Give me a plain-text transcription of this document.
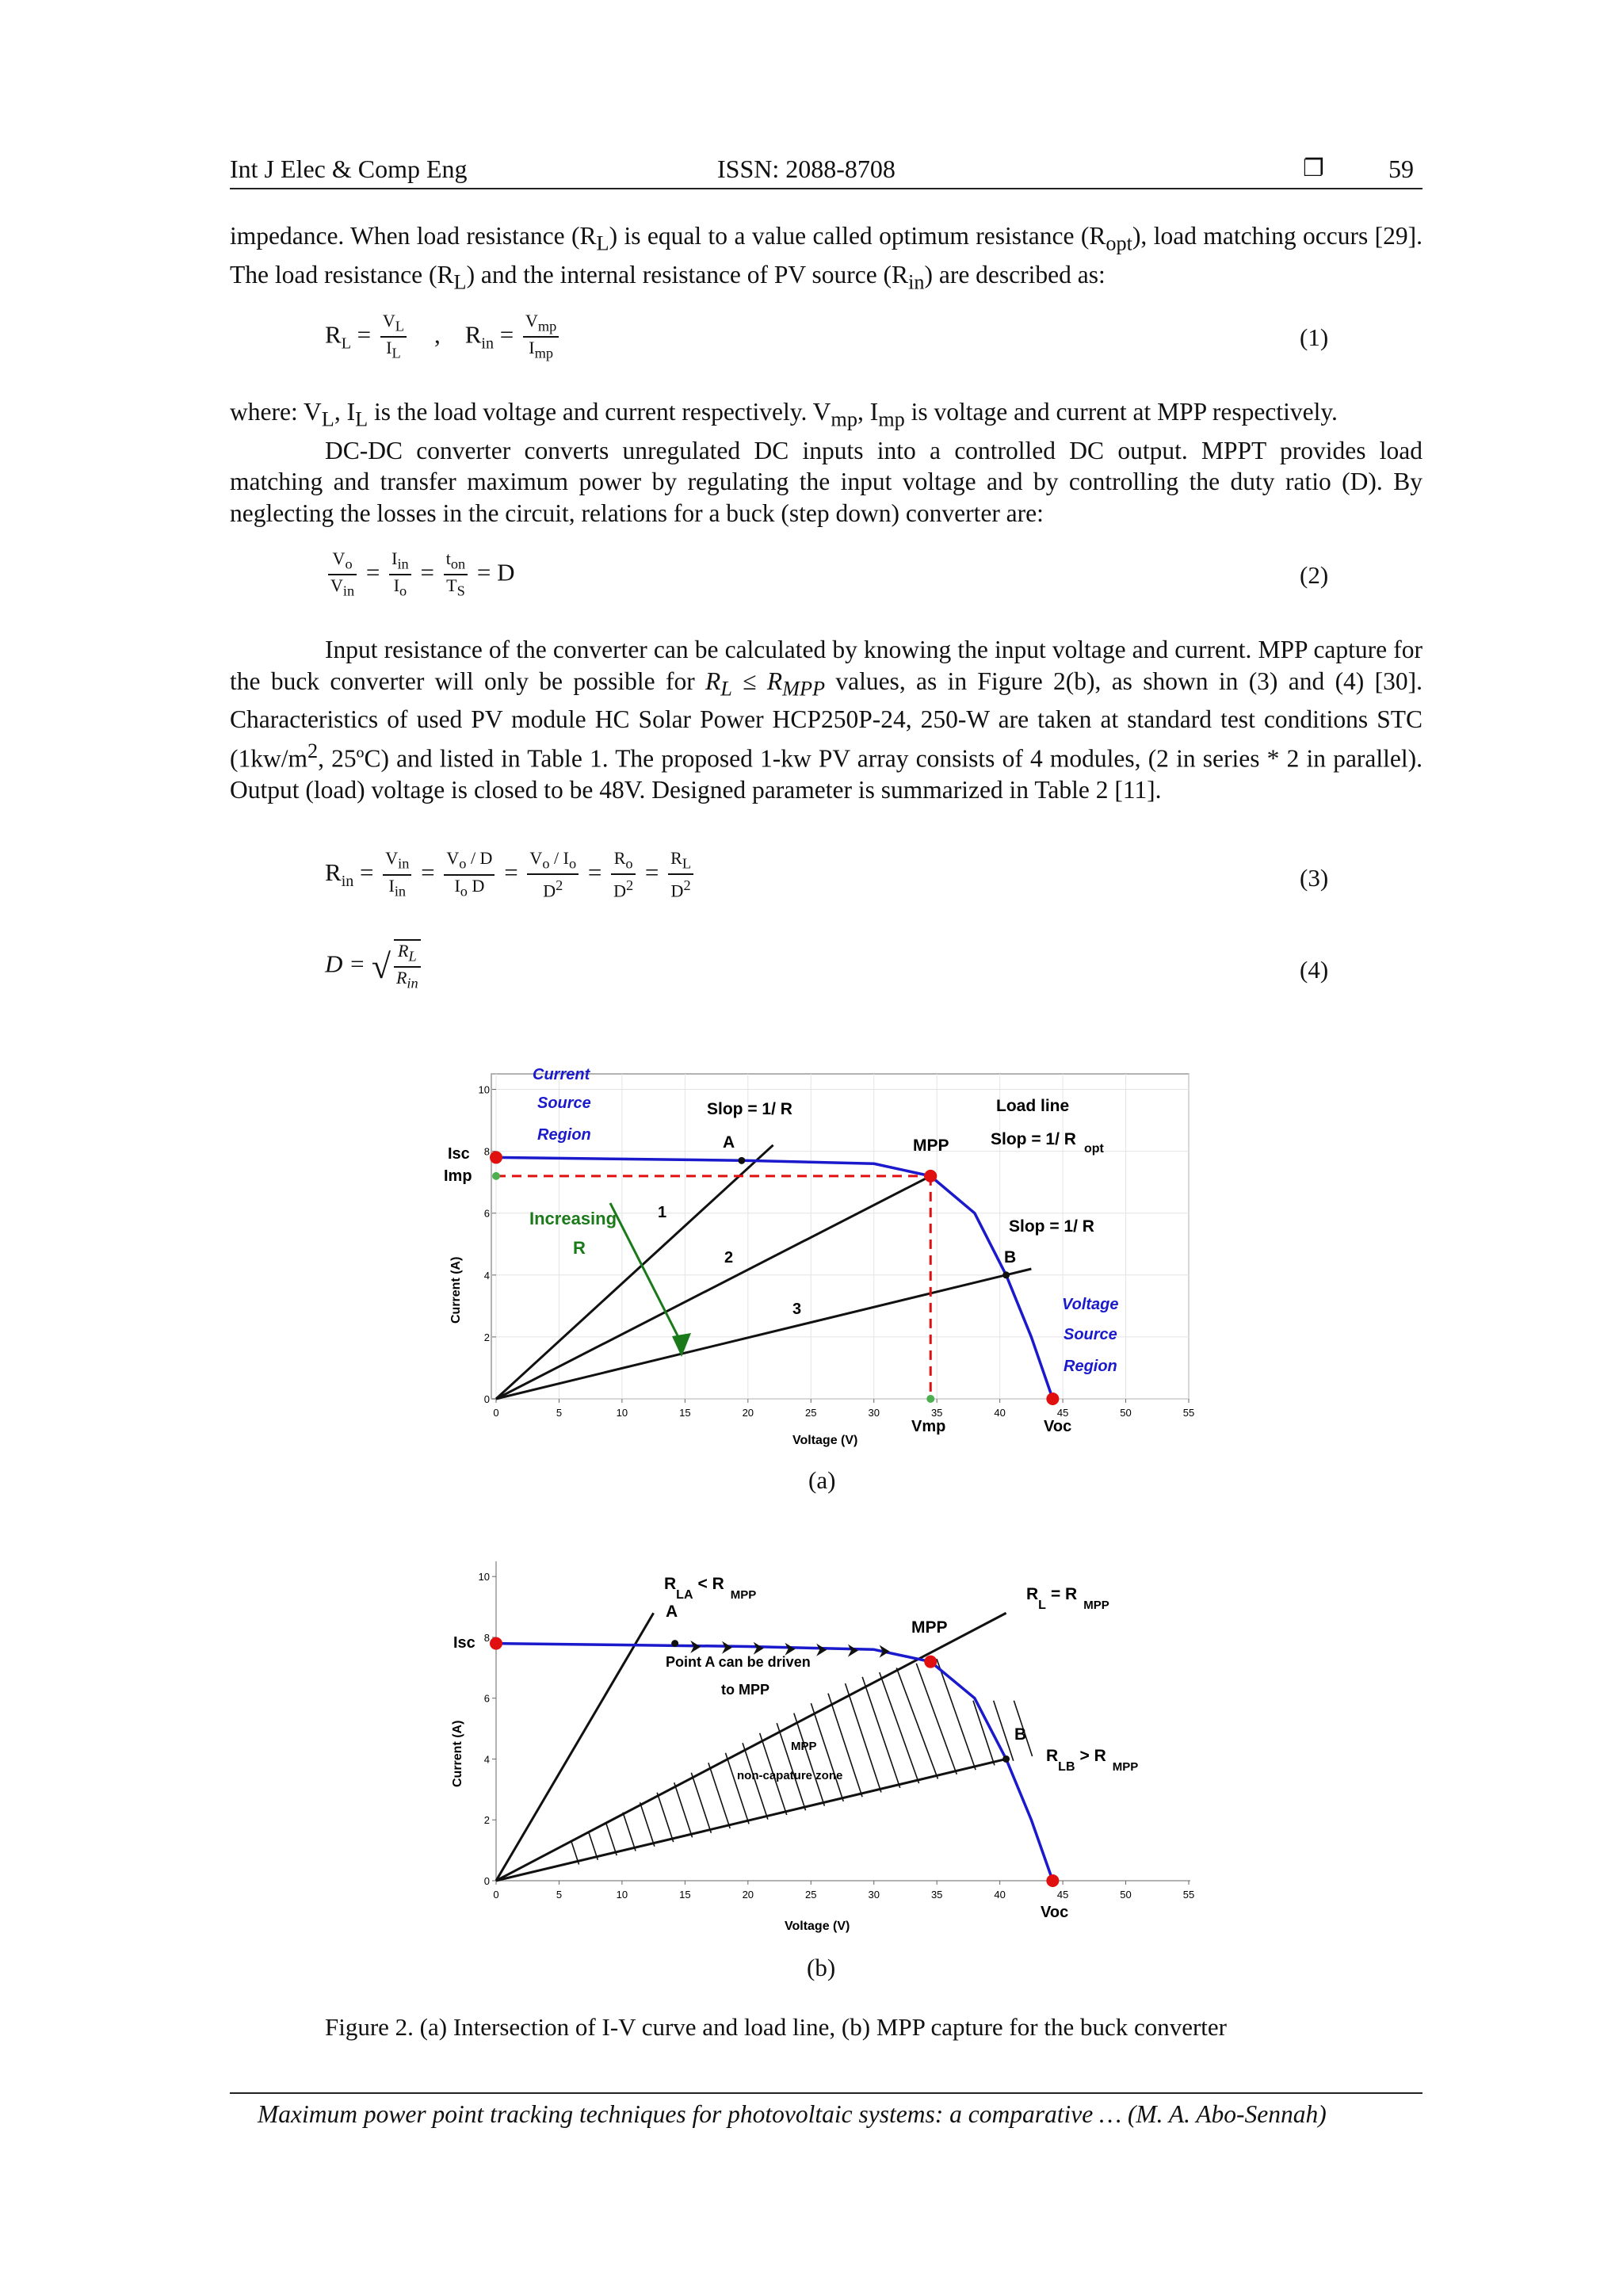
Int J Elec & Comp Eng	ISSN: 2088-8708	❐	59
impedance. When load resistance $(R_L)$ is equal to a value called optimum resistance $(R_{opt})$, load matching occurs [29]. The load resistance $(R_L)$ and the internal resistance of PV source $(R_{in})$ are described as:
$R_L = \frac{V_L}{I_L}$ , $R_{in} = V_{mp}$
$I_{mp}$
(1)

where: $V_L$, $I_L$ is the load voltage and current respectively. $V_{mp}$, $I_{mp}$ is voltage and current at MPP respectively.

DC-DC converter converts unregulated DC inputs into a controlled DC output. MPPT provides load matching and transfer maximum power by regulating the input voltage and by controlling the duty ratio (D). By neglecting the losses in the circuit, relations for a buck (step down) converter are:

$V_o$
$V_{in}$
= $I_{in}$
$I_o$
= $t_{on}$
$T_S$
= D	(2)

Input resistance of the converter can be calculated by knowing the input voltage and current. MPP capture for the buck converter will only be possible for $R_L \le R_{MPP}$ values, as in Figure 2(b), as shown in (3) and (4) [30]. Characteristics of used PV module HC Solar Power HCP250P-24, 250-W are taken at standard test conditions STC ($1kw/m^2$, 25ºC) and listed in Table 1. The proposed 1-kw PV array consists of 4 modules, (2 in series * 2 in parallel). Output (load) voltage is closed to be 48V. Designed parameter is summarized in Table 2 [11].

$R_{in} = V_{in}$
$I_{in}$
= $\frac{V_o / D}{I_o D} = \frac{V_o / I_o}{D^2} = \frac{R_o}{D^2} = \frac{R_L}{D^2}$	(3)
D = √ $R_L$
$R_{in}$	(4)
0	5	10	15	20	25	30	35	40	45	50	55
0
2
4
6
8
10
Current (A)
Voltage (V)
Isc
Imp
Vmp	Voc
Current
Source
Region
Voltage
Source
Region
Increasing
R
Slop = 1/ R
A	MPP
Load line
Slop = 1/ R
opt
Slop = 1/ R
B
1
2
3
(a)
0	5	10	15	20	25	30	35	40	45	50	55
0
2
4
6
8
10
Current (A)
Voltage (V)
Isc
Voc
$R_{LA}< R_{MPP}$
A
MPP
$R_L= R_{MPP}$
Point A can be driven
to MPP
MPP
non-capature zone
B
$R_{LB}> R_{MPP}$
(b)
Figure 2. (a) Intersection of I-V curve and load line, (b) MPP capture for the buck converter
Maximum power point tracking techniques for photovoltaic systems: a comparative … (M. A. Abo-Sennah)
